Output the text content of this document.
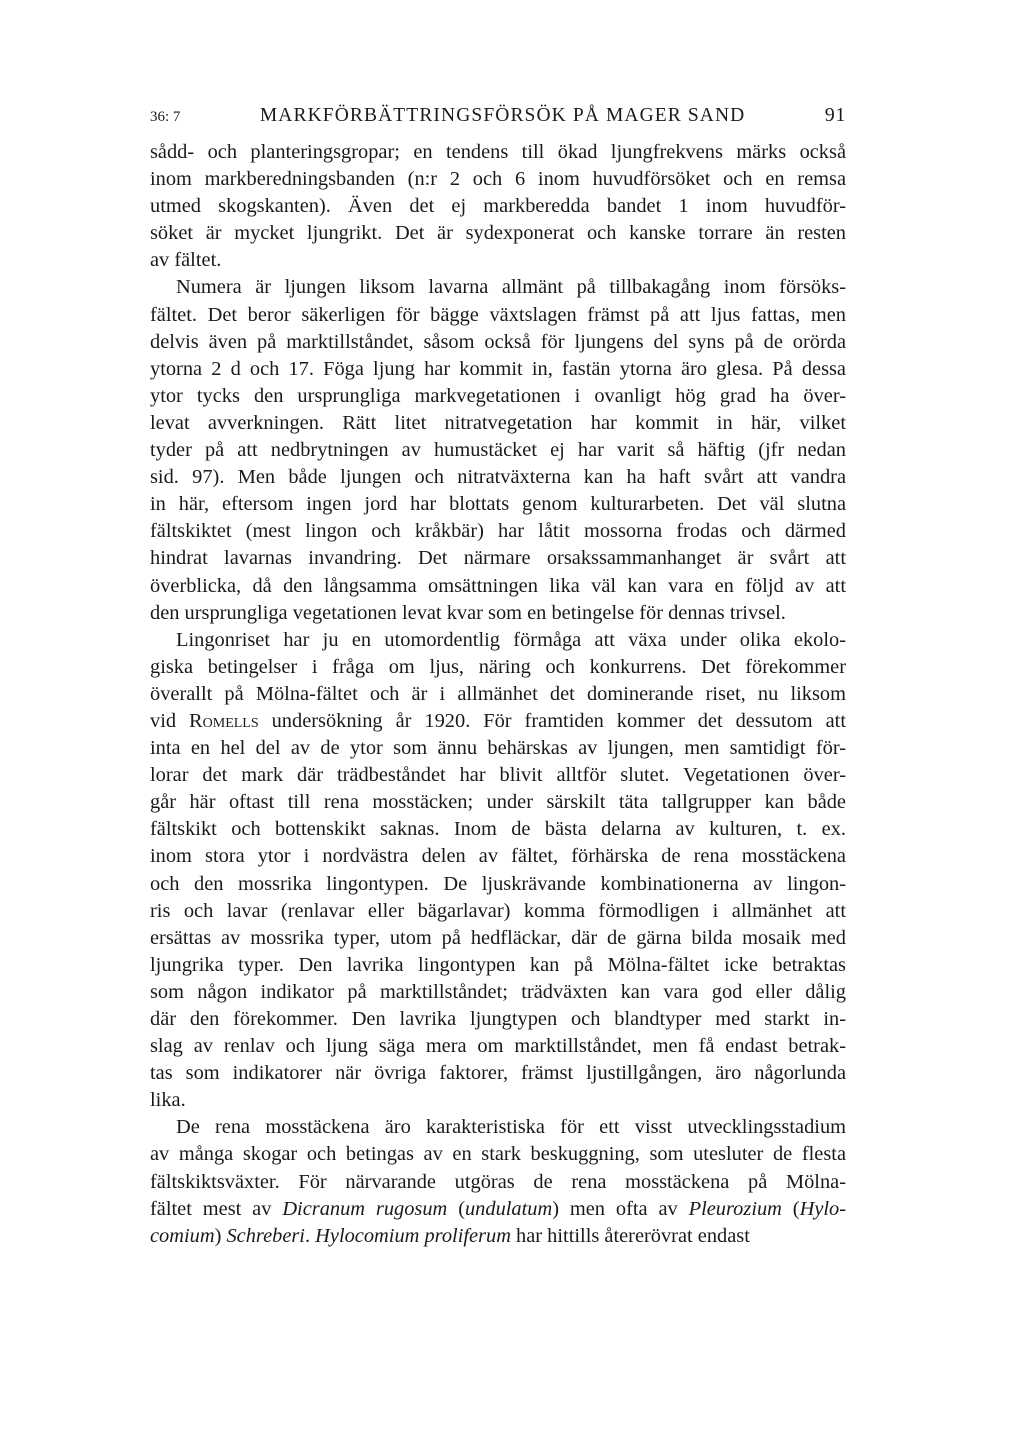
36: 7	MARKFÖRBÄTTRINGSFÖRSÖK PÅ MAGER SAND	91
sådd- och planteringsgropar; en tendens till ökad ljungfrekvens märks också
inom markberedningsbanden (n:r 2 och 6 inom huvudförsöket och en remsa
utmed skogskanten). Även det ej markberedda bandet 1 inom huvudför-
söket är mycket ljungrikt. Det är sydexponerat och kanske torrare än resten
av fältet.
Numera är ljungen liksom lavarna allmänt på tillbakagång inom försöks-
fältet. Det beror säkerligen för bägge växtslagen främst på att ljus fattas, men
delvis även på marktillståndet, såsom också för ljungens del syns på de orörda
ytorna 2 d och 17. Föga ljung har kommit in, fastän ytorna äro glesa. På dessa
ytor tycks den ursprungliga markvegetationen i ovanligt hög grad ha över-
levat avverkningen. Rätt litet nitratvegetation har kommit in här, vilket
tyder på att nedbrytningen av humustäcket ej har varit så häftig (jfr nedan
sid. 97). Men både ljungen och nitratväxterna kan ha haft svårt att vandra
in här, eftersom ingen jord har blottats genom kulturarbeten. Det väl slutna
fältskiktet (mest lingon och kråkbär) har låtit mossorna frodas och därmed
hindrat lavarnas invandring. Det närmare orsakssammanhanget är svårt att
överblicka, då den långsamma omsättningen lika väl kan vara en följd av att
den ursprungliga vegetationen levat kvar som en betingelse för dennas trivsel.
Lingonriset har ju en utomordentlig förmåga att växa under olika ekolo-
giska betingelser i fråga om ljus, näring och konkurrens. Det förekommer
överallt på Mölna-fältet och är i allmänhet det dominerande riset, nu liksom
vid Romells undersökning år 1920. För framtiden kommer det dessutom att
inta en hel del av de ytor som ännu behärskas av ljungen, men samtidigt för-
lorar det mark där trädbeståndet har blivit alltför slutet. Vegetationen över-
går här oftast till rena mosstäcken; under särskilt täta tallgrupper kan både
fältskikt och bottenskikt saknas. Inom de bästa delarna av kulturen, t. ex.
inom stora ytor i nordvästra delen av fältet, förhärska de rena mosstäckena
och den mossrika lingontypen. De ljuskrävande kombinationerna av lingon-
ris och lavar (renlavar eller bägarlavar) komma förmodligen i allmänhet att
ersättas av mossrika typer, utom på hedfläckar, där de gärna bilda mosaik med
ljungrika typer. Den lavrika lingontypen kan på Mölna-fältet icke betraktas
som någon indikator på marktillståndet; trädväxten kan vara god eller dålig
där den förekommer. Den lavrika ljungtypen och blandtyper med starkt in-
slag av renlav och ljung säga mera om marktillståndet, men få endast betrak-
tas som indikatorer när övriga faktorer, främst ljustillgången, äro någorlunda
lika.
De rena mosstäckena äro karakteristiska för ett visst utvecklingsstadium
av många skogar och betingas av en stark beskuggning, som utesluter de flesta
fältskiktsväxter. För närvarande utgöras de rena mosstäckena på Mölna-
fältet mest av Dicranum rugosum (undulatum) men ofta av Pleurozium (Hylo-
comium) Schreberi. Hylocomium proliferum har hittills återerövrat endast
